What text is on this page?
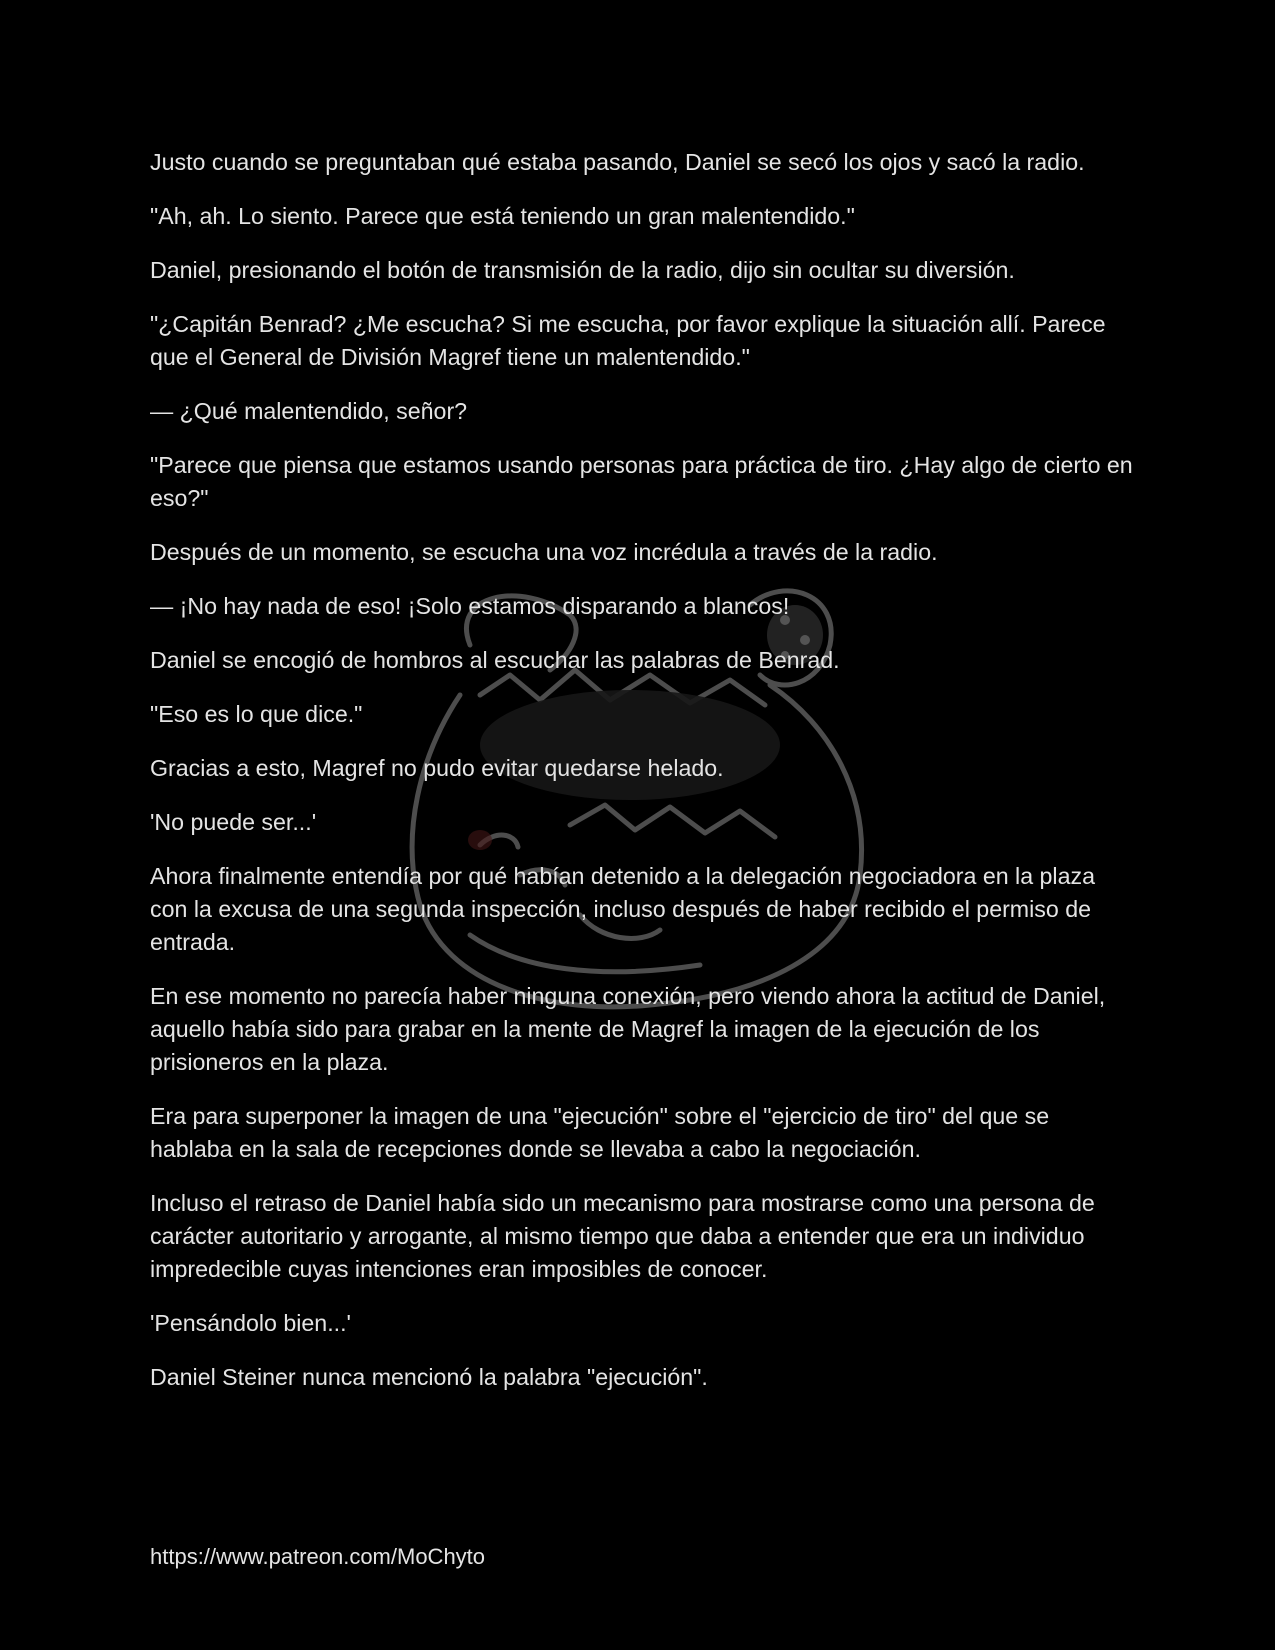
Justo cuando se preguntaban qué estaba pasando, Daniel se secó los ojos y sacó la radio.

"Ah, ah. Lo siento. Parece que está teniendo un gran malentendido."

Daniel, presionando el botón de transmisión de la radio, dijo sin ocultar su diversión.

"¿Capitán Benrad? ¿Me escucha? Si me escucha, por favor explique la situación allí. Parece que el General de División Magref tiene un malentendido."

— ¿Qué malentendido, señor?

"Parece que piensa que estamos usando personas para práctica de tiro. ¿Hay algo de cierto en eso?"

Después de un momento, se escucha una voz incrédula a través de la radio.

— ¡No hay nada de eso! ¡Solo estamos disparando a blancos!

Daniel se encogió de hombros al escuchar las palabras de Benrad.

"Eso es lo que dice."

Gracias a esto, Magref no pudo evitar quedarse helado.

'No puede ser...'

Ahora finalmente entendía por qué habían detenido a la delegación negociadora en la plaza con la excusa de una segunda inspección, incluso después de haber recibido el permiso de entrada.

En ese momento no parecía haber ninguna conexión, pero viendo ahora la actitud de Daniel, aquello había sido para grabar en la mente de Magref la imagen de la ejecución de los prisioneros en la plaza.

Era para superponer la imagen de una "ejecución" sobre el "ejercicio de tiro" del que se hablaba en la sala de recepciones donde se llevaba a cabo la negociación.

Incluso el retraso de Daniel había sido un mecanismo para mostrarse como una persona de carácter autoritario y arrogante, al mismo tiempo que daba a entender que era un individuo impredecible cuyas intenciones eran imposibles de conocer.

'Pensándolo bien...'

Daniel Steiner nunca mencionó la palabra "ejecución".

https://www.patreon.com/MoChyto
